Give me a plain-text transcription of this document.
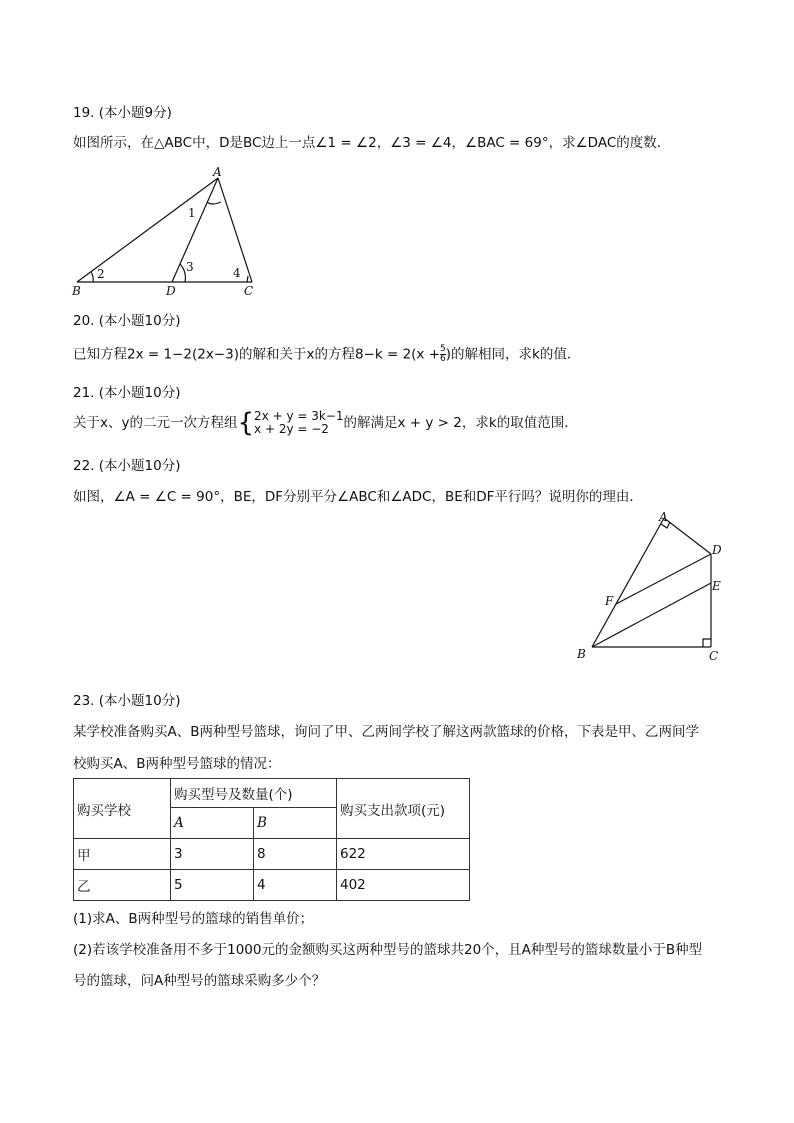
19. (本小题9分)
如图所示，在△ABC中，D是BC边上一点∠1 = ∠2，∠3 = ∠4，∠BAC = 69°，求∠DAC的度数．
A
B	D	C
1
2	3	4
20. (本小题10分)
已知方程2x = 1−2(2x−3)的解和关于x的方程$8-k = 2(x + \frac{5}{6}$ )的解相同，求k的值．
21. (本小题10分)
关于x、y的二元一次方程组{ 2x + y = 3k−1
x + 2y = −2	的解满足x + y > 2，求k的取值范围．
22. (本小题10分)
如图，∠A = ∠C = 90°，BE，DF分别平分∠ABC和∠ADC，BE和DF平行吗？说明你的理由．
A
D
E
F
B	C
23. (本小题10分)
某学校准备购买A、B两种型号篮球，询问了甲、乙两间学校了解这两款篮球的价格，下表是甲、乙两间学
校购买A、B两种型号篮球的情况：
购买学校	购买型号及数量(个)		购买支出款项(元)
	A	B	
甲	3	8	622
乙	5	4	402
(1)求A、B两种型号的篮球的销售单价；
(2)若该学校准备用不多于1000元的金额购买这两种型号的篮球共20个，且A种型号的篮球数量小于B种型
号的篮球，问A种型号的篮球采购多少个？
